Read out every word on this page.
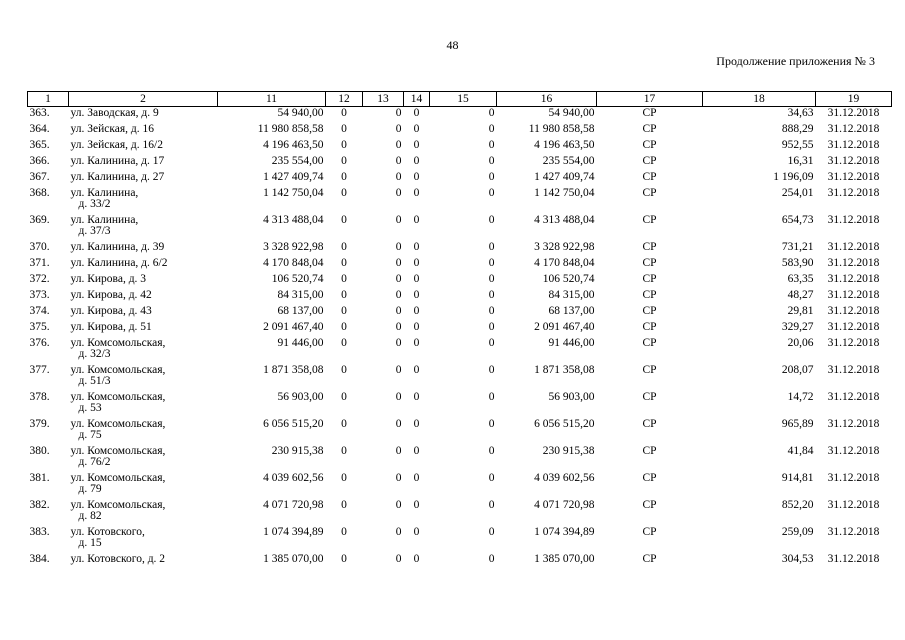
48
Продолжение приложения № 3
1	2	11	12	13	14	15	16	17	18	19
363.	ул. Заводская, д. 9	54 940,00	0	0	0	0	54 940,00	СР	34,63	31.12.2018
364.	ул. Зейская, д. 16	11 980 858,58	0	0	0	0	11 980 858,58	СР	888,29	31.12.2018
365.	ул. Зейская, д. 16/2	4 196 463,50	0	0	0	0	4 196 463,50	СР	952,55	31.12.2018
366.	ул. Калинина, д. 17	235 554,00	0	0	0	0	235 554,00	СР	16,31	31.12.2018
367.	ул. Калинина, д. 27	1 427 409,74	0	0	0	0	1 427 409,74	СР	1 196,09	31.12.2018
368.	ул. Калинина,
д. 33/2	1 142 750,04	0	0	0	0	1 142 750,04	СР	254,01	31.12.2018
369.	ул. Калинина,
д. 37/3	4 313 488,04	0	0	0	0	4 313 488,04	СР	654,73	31.12.2018
370.	ул. Калинина, д. 39	3 328 922,98	0	0	0	0	3 328 922,98	СР	731,21	31.12.2018
371.	ул. Калинина, д. 6/2	4 170 848,04	0	0	0	0	4 170 848,04	СР	583,90	31.12.2018
372.	ул. Кирова, д. 3	106 520,74	0	0	0	0	106 520,74	СР	63,35	31.12.2018
373.	ул. Кирова, д. 42	84 315,00	0	0	0	0	84 315,00	СР	48,27	31.12.2018
374.	ул. Кирова, д. 43	68 137,00	0	0	0	0	68 137,00	СР	29,81	31.12.2018
375.	ул. Кирова, д. 51	2 091 467,40	0	0	0	0	2 091 467,40	СР	329,27	31.12.2018
376.	ул. Комсомольская,
д. 32/3	91 446,00	0	0	0	0	91 446,00	СР	20,06	31.12.2018
377.	ул. Комсомольская,
д. 51/3	1 871 358,08	0	0	0	0	1 871 358,08	СР	208,07	31.12.2018
378.	ул. Комсомольская,
д. 53	56 903,00	0	0	0	0	56 903,00	СР	14,72	31.12.2018
379.	ул. Комсомольская,
д. 75	6 056 515,20	0	0	0	0	6 056 515,20	СР	965,89	31.12.2018
380.	ул. Комсомольская,
д. 76/2	230 915,38	0	0	0	0	230 915,38	СР	41,84	31.12.2018
381.	ул. Комсомольская,
д. 79	4 039 602,56	0	0	0	0	4 039 602,56	СР	914,81	31.12.2018
382.	ул. Комсомольская,
д. 82	4 071 720,98	0	0	0	0	4 071 720,98	СР	852,20	31.12.2018
383.	ул. Котовского,
д. 15	1 074 394,89	0	0	0	0	1 074 394,89	СР	259,09	31.12.2018
384.	ул. Котовского, д. 2	1 385 070,00	0	0	0	0	1 385 070,00	СР	304,53	31.12.2018
